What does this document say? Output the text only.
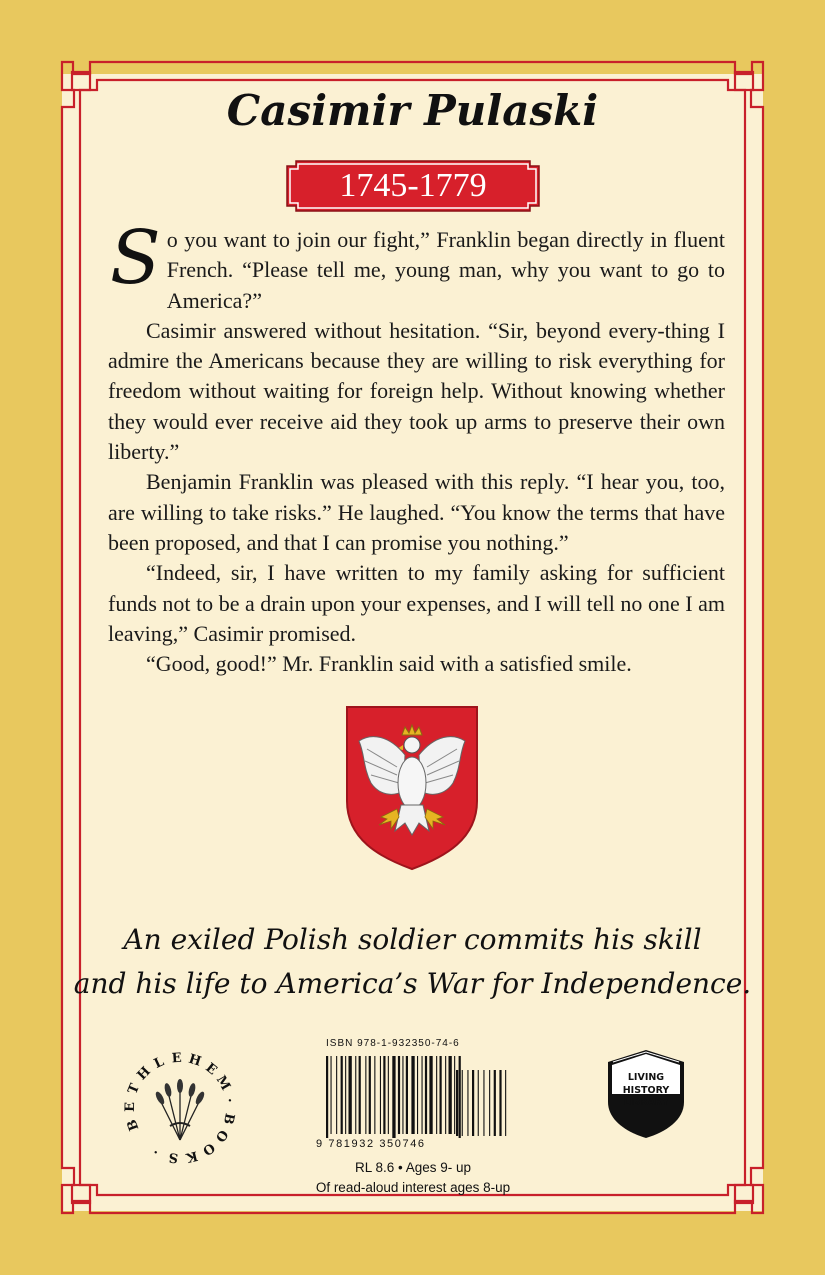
Casimir Pulaski
1745-1779

So you want to join our fight,” Franklin began directly in fluent French. “Please tell me, young man, why you want to go to America?”

Casimir answered without hesitation. “Sir, beyond every-thing I admire the Americans because they are willing to risk everything for freedom without waiting for foreign help. Without knowing whether they would ever receive aid they took up arms to preserve their own liberty.”

Benjamin Franklin was pleased with this reply. “I hear you, too, are willing to take risks.” He laughed. “You know the terms that have been proposed, and that I can promise you nothing.”

“Indeed, sir, I have written to my family asking for sufficient funds not to be a drain upon your expenses, and I will tell no one I am leaving,” Casimir promised.

“Good, good!” Mr. Franklin said with a satisfied smile.

An exiled Polish soldier commits his skill
and his life to America’s War for Independence.
B
E
T
H
L E H E
M
·
B
O
O
K
S
·
ISBN 978-1-932350-74-6
9 781932 350746
RL 8.6 • Ages 9- up
Of read-aloud interest ages 8-up
LIVING
HISTORY
LIBRARY
